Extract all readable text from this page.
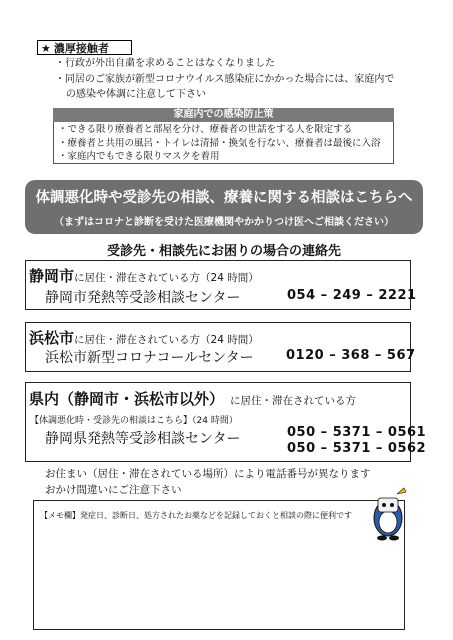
★ 濃厚接触者
・行政が外出自粛を求めることはなくなりました
・同居のご家族が新型コロナウイルス感染症にかかった場合には、家庭内で
の感染や体調に注意して下さい
家庭内での感染防止策
・できる限り療養者と部屋を分け、療養者の世話をする人を限定する
・療養者と共用の風呂・トイレは清掃・換気を行ない、療養者は最後に入浴
・家庭内でもできる限りマスクを着用
体調悪化時や受診先の相談、療養に関する相談はこちらへ
（まずはコロナと診断を受けた医療機関やかかりつけ医へご相談ください）
受診先・相談先にお困りの場合の連絡先
静岡市に居住・滞在されている方（24 時間）
静岡市発熱等受診相談センター	054 – 249 – 2221
浜松市に居住・滞在されている方（24 時間）
浜松市新型コロナコールセンター 0120 – 368 – 567
県内（静岡市・浜松市以外） に居住・滞在されている方
【体調悪化時・受診先の相談はこちら】（24 時間）
静岡県発熱等受診相談センター	050 – 5371 – 0561
050 – 5371 – 0562
お住まい（居住・滞在されている場所）により電話番号が異なります
おかけ間違いにご注意下さい
【メモ欄】発症日、診断日、処方されたお薬などを記録しておくと相談の際に便利です
